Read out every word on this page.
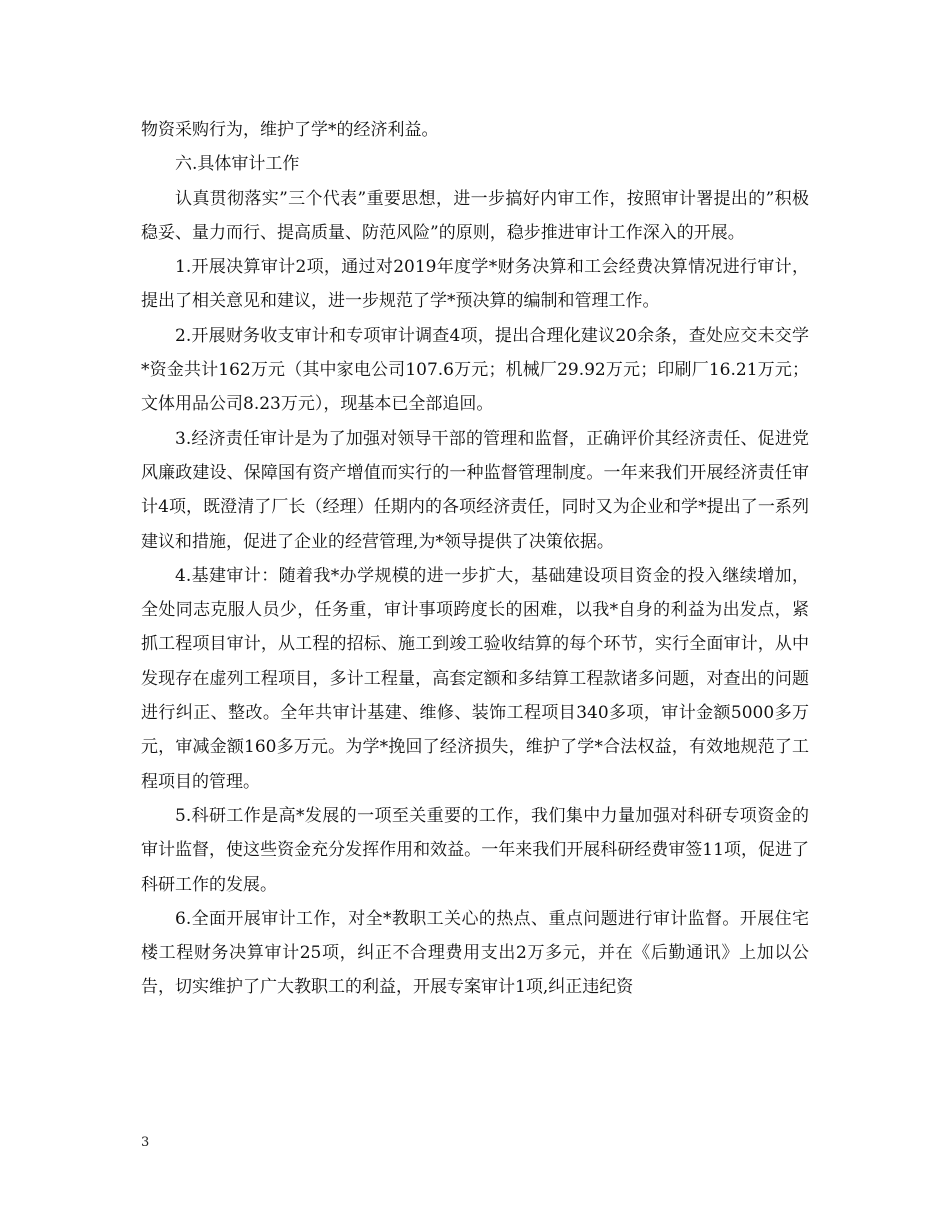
物资采购行为，维护了学*的经济利益。

六.具体审计工作

认真贯彻落实”三个代表”重要思想，进一步搞好内审工作，按照审计署提出的”积极稳妥、量力而行、提高质量、防范风险”的原则，稳步推进审计工作深入的开展。

1.开展决算审计2项，通过对2019年度学*财务决算和工会经费决算情况进行审计，提出了相关意见和建议，进一步规范了学*预决算的编制和管理工作。

2.开展财务收支审计和专项审计调查4项，提出合理化建议20余条，查处应交未交学*资金共计162万元（其中家电公司107.6万元；机械厂29.92万元；印刷厂16.21万元；文体用品公司8.23万元），现基本已全部追回。

3.经济责任审计是为了加强对领导干部的管理和监督，正确评价其经济责任、促进党风廉政建设、保障国有资产增值而实行的一种监督管理制度。一年来我们开展经济责任审计4项，既澄清了厂长（经理）任期内的各项经济责任，同时又为企业和学*提出了一系列建议和措施，促进了企业的经营管理,为*领导提供了决策依据。

4.基建审计：随着我*办学规模的进一步扩大，基础建设项目资金的投入继续增加，全处同志克服人员少，任务重，审计事项跨度长的困难，以我*自身的利益为出发点，紧抓工程项目审计，从工程的招标、施工到竣工验收结算的每个环节，实行全面审计，从中发现存在虚列工程项目，多计工程量，高套定额和多结算工程款诸多问题，对查出的问题进行纠正、整改。全年共审计基建、维修、装饰工程项目340多项，审计金额5000多万元，审减金额160多万元。为学*挽回了经济损失，维护了学*合法权益，有效地规范了工程项目的管理。

5.科研工作是高*发展的一项至关重要的工作，我们集中力量加强对科研专项资金的审计监督，使这些资金充分发挥作用和效益。一年来我们开展科研经费审签11项，促进了科研工作的发展。

6.全面开展审计工作，对全*教职工关心的热点、重点问题进行审计监督。开展住宅楼工程财务决算审计25项，纠正不合理费用支出2万多元，并在《后勤通讯》上加以公告，切实维护了广大教职工的利益，开展专案审计1项,纠正违纪资

3
